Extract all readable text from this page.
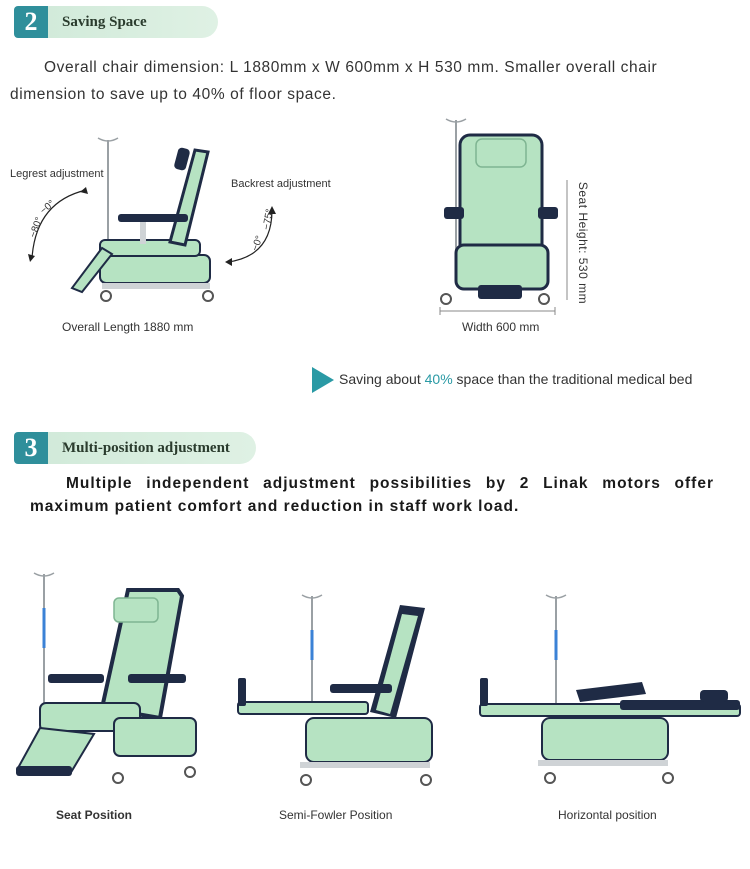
2	Saving Space
Overall chair dimension: L 1880mm x W 600mm x H 530 mm. Smaller overall chair dimension to save up to 40% of floor space.
Legrest adjustment
−80°
−0°
Backrest adjustment
−0°
−75°
Overall Length 1880 mm	Width 600 mm
Seat Height: 530 mm
Saving about 40% space than the traditional medical bed
3	Multi-position adjustment
Multiple independent adjustment possibilities by 2 Linak motors offer maximum patient comfort and reduction in staff work load.
Seat Position	Semi-Fowler Position	Horizontal position
